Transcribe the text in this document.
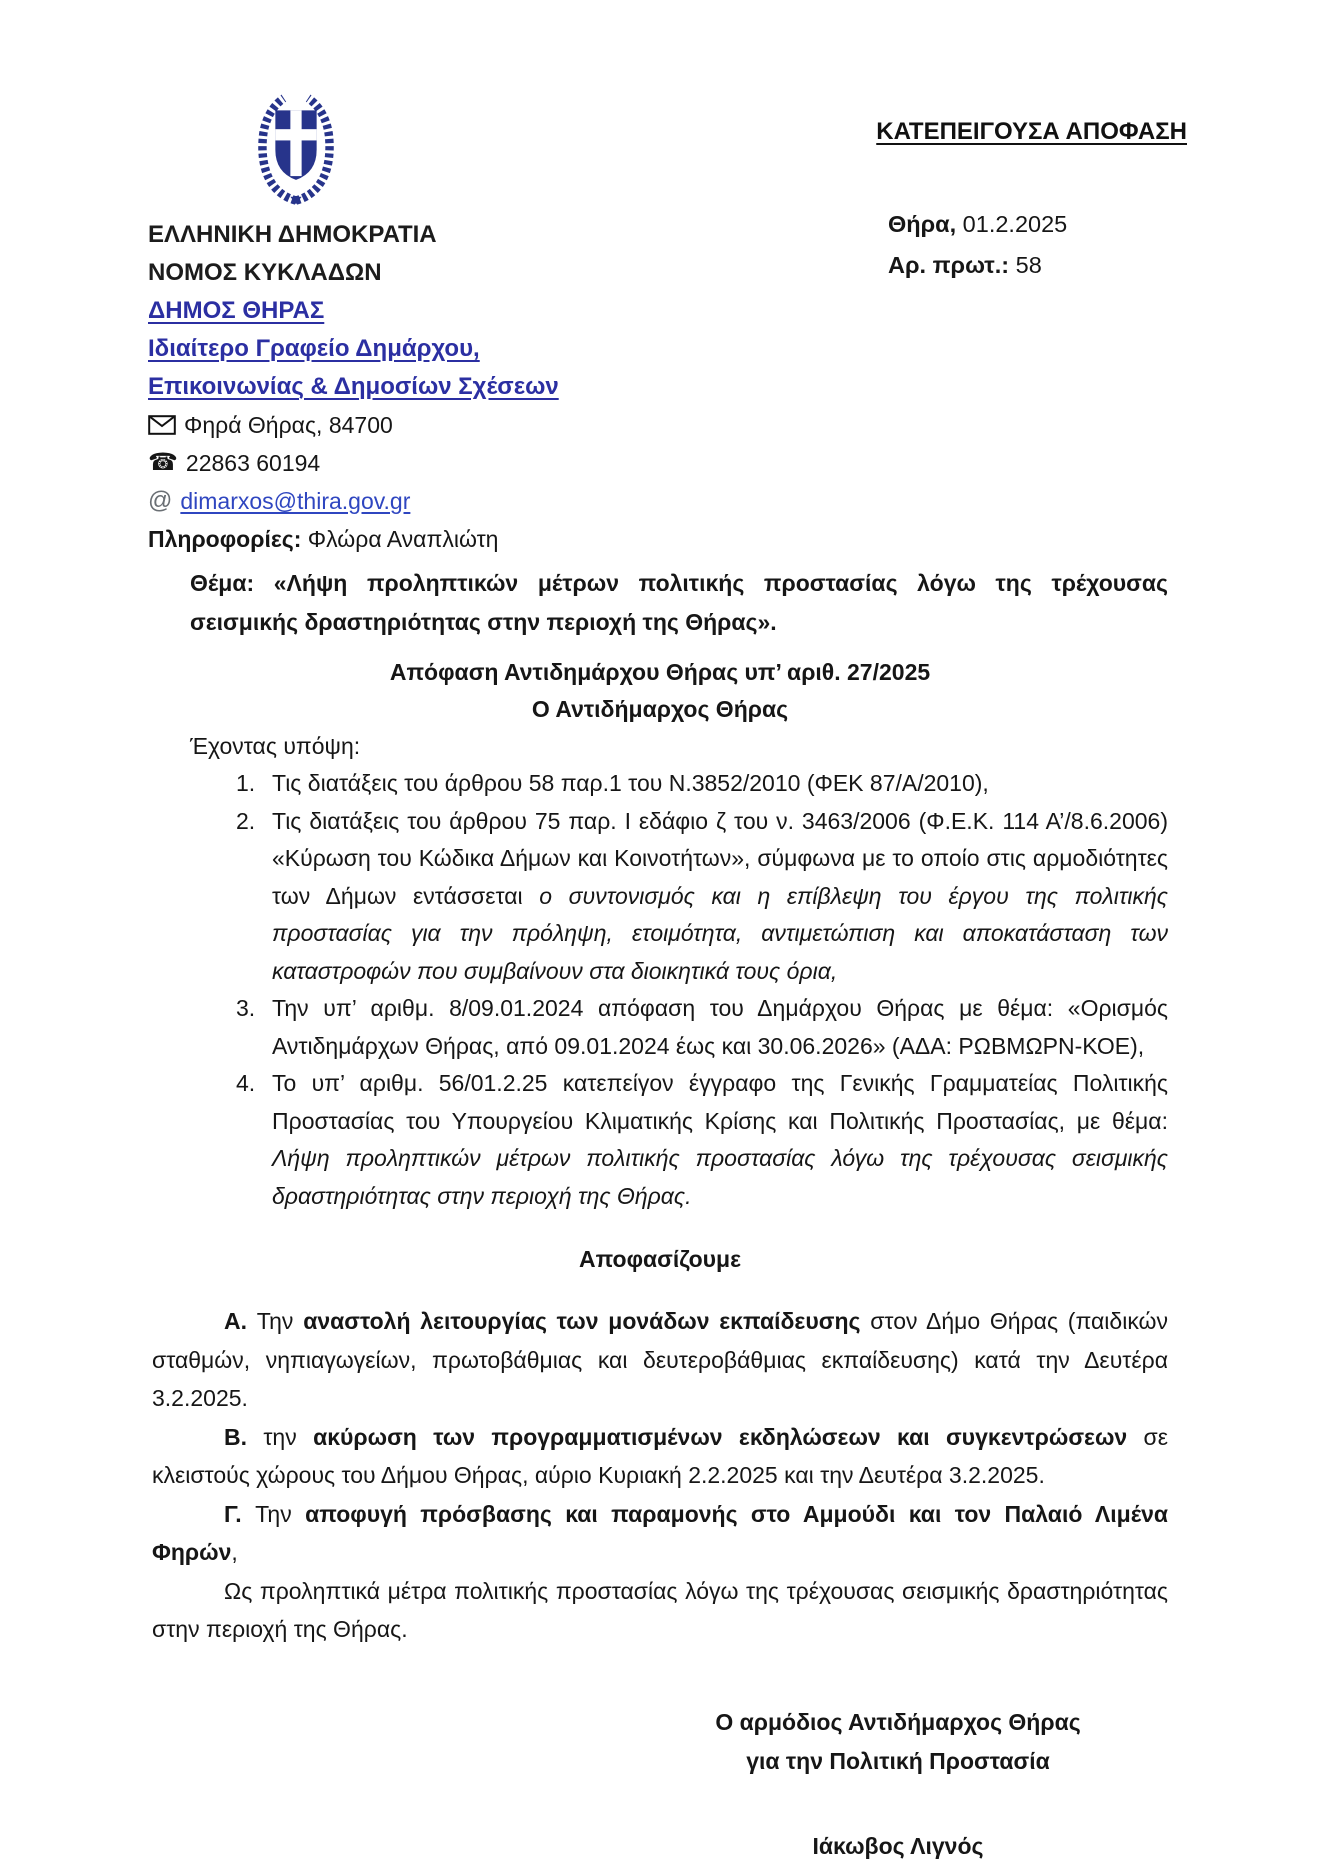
ΚΑΤΕΠΕΙΓΟΥΣΑ ΑΠΟΦΑΣΗ
ΕΛΛΗΝΙΚΗ ΔΗΜΟΚΡΑΤΙΑ
ΝΟΜΟΣ ΚΥΚΛΑΔΩΝ
ΔΗΜΟΣ ΘΗΡΑΣ
Ιδιαίτερο Γραφείο Δημάρχου,
Επικοινωνίας & Δημοσίων Σχέσεων
Φηρά Θήρας, 84700
☎ 22863 60194
@ dimarxos@thira.gov.gr
Πληροφορίες: Φλώρα Αναπλιώτη
Θήρα, 01.2.2025
Αρ. πρωτ.: 58

Θέμα: «Λήψη προληπτικών μέτρων πολιτικής προστασίας λόγω της τρέχουσας σεισμικής δραστηριότητας στην περιοχή της Θήρας».

Απόφαση Αντιδημάρχου Θήρας υπ’ αριθ. 27/2025
Ο Αντιδήμαρχος Θήρας
Έχοντας υπόψη:
1. Τις διατάξεις του άρθρου 58 παρ.1 του Ν.3852/2010 (ΦΕΚ 87/Α/2010),
2. Τις διατάξεις του άρθρου 75 παρ. Ι εδάφιο ζ του ν. 3463/2006 (Φ.Ε.Κ. 114 Α’/8.6.2006) «Κύρωση του Κώδικα Δήμων και Κοινοτήτων», σύμφωνα με το οποίο στις αρμοδιότητες των Δήμων εντάσσεται ο συντονισμός και η επίβλεψη του έργου της πολιτικής προστασίας για την πρόληψη, ετοιμότητα, αντιμετώπιση και αποκατάσταση των καταστροφών που συμβαίνουν στα διοικητικά τους όρια,
3. Την υπ’ αριθμ. 8/09.01.2024 απόφαση του Δημάρχου Θήρας με θέμα: «Ορισμός Αντιδημάρχων Θήρας, από 09.01.2024 έως και 30.06.2026» (ΑΔΑ: ΡΩΒΜΩΡΝ-ΚΟΕ),
4. Το υπ’ αριθμ. 56/01.2.25 κατεπείγον έγγραφο της Γενικής Γραμματείας Πολιτικής Προστασίας του Υπουργείου Κλιματικής Κρίσης και Πολιτικής Προστασίας, με θέμα: Λήψη προληπτικών μέτρων πολιτικής προστασίας λόγω της τρέχουσας σεισμικής δραστηριότητας στην περιοχή της Θήρας.
Αποφασίζουμε

Α. Την αναστολή λειτουργίας των μονάδων εκπαίδευσης στον Δήμο Θήρας (παιδικών σταθμών, νηπιαγωγείων, πρωτοβάθμιας και δευτεροβάθμιας εκπαίδευσης) κατά την Δευτέρα 3.2.2025.

Β. την ακύρωση των προγραμματισμένων εκδηλώσεων και συγκεντρώσεων σε κλειστούς χώρους του Δήμου Θήρας, αύριο Κυριακή 2.2.2025 και την Δευτέρα 3.2.2025.

Γ. Την αποφυγή πρόσβασης και παραμονής στο Αμμούδι και τον Παλαιό Λιμένα Φηρών,

Ως προληπτικά μέτρα πολιτικής προστασίας λόγω της τρέχουσας σεισμικής δραστηριότητας στην περιοχή της Θήρας.

Ο αρμόδιος Αντιδήμαρχος Θήρας
για την Πολιτική Προστασία
Ιάκωβος Λιγνός
